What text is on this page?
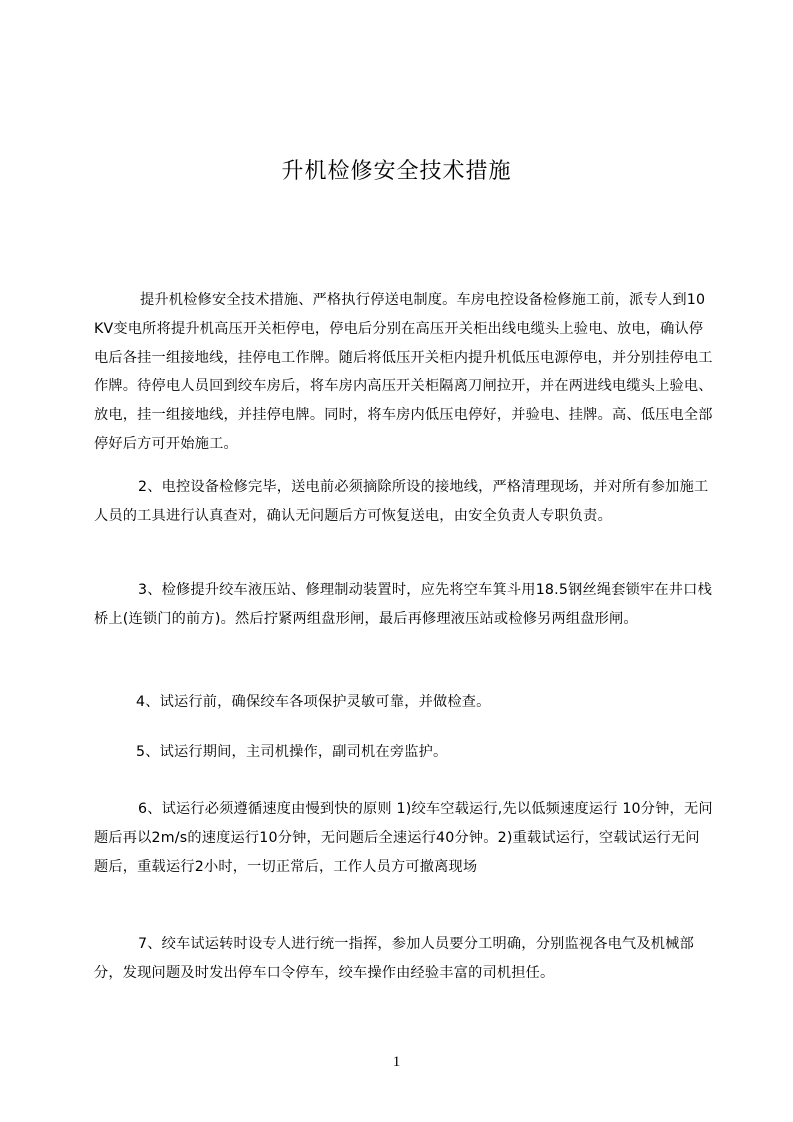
升机检修安全技术措施

提升机检修安全技术措施、严格执行停送电制度。车房电控设备检修施工前，派专人到10KV变电所将提升机高压开关柜停电，停电后分别在高压开关柜出线电缆头上验电、放电，确认停电后各挂一组接地线，挂停电工作牌。随后将低压开关柜内提升机低压电源停电，并分别挂停电工作牌。待停电人员回到绞车房后，将车房内高压开关柜隔离刀闸拉开，并在两进线电缆头上验电、放电，挂一组接地线，并挂停电牌。同时，将车房内低压电停好，并验电、挂牌。高、低压电全部停好后方可开始施工。

2、电控设备检修完毕，送电前必须摘除所设的接地线，严格清理现场，并对所有参加施工人员的工具进行认真查对，确认无问题后方可恢复送电，由安全负责人专职负责。

3、检修提升绞车液压站、修理制动装置时，应先将空车箕斗用18.5钢丝绳套锁牢在井口栈桥上(连锁门的前方)。然后拧紧两组盘形闸，最后再修理液压站或检修另两组盘形闸。

4、试运行前，确保绞车各项保护灵敏可靠，并做检查。

5、试运行期间，主司机操作，副司机在旁监护。

6、试运行必须遵循速度由慢到快的原则 1)绞车空载运行,先以低频速度运行 10分钟，无问题后再以2m/s的速度运行10分钟，无问题后全速运行40分钟。2)重载试运行，空载试运行无问题后，重载运行2小时，一切正常后，工作人员方可撤离现场

7、绞车试运转时设专人进行统一指挥，参加人员要分工明确，分别监视各电气及机械部分，发现问题及时发出停车口令停车，绞车操作由经验丰富的司机担任。

1
